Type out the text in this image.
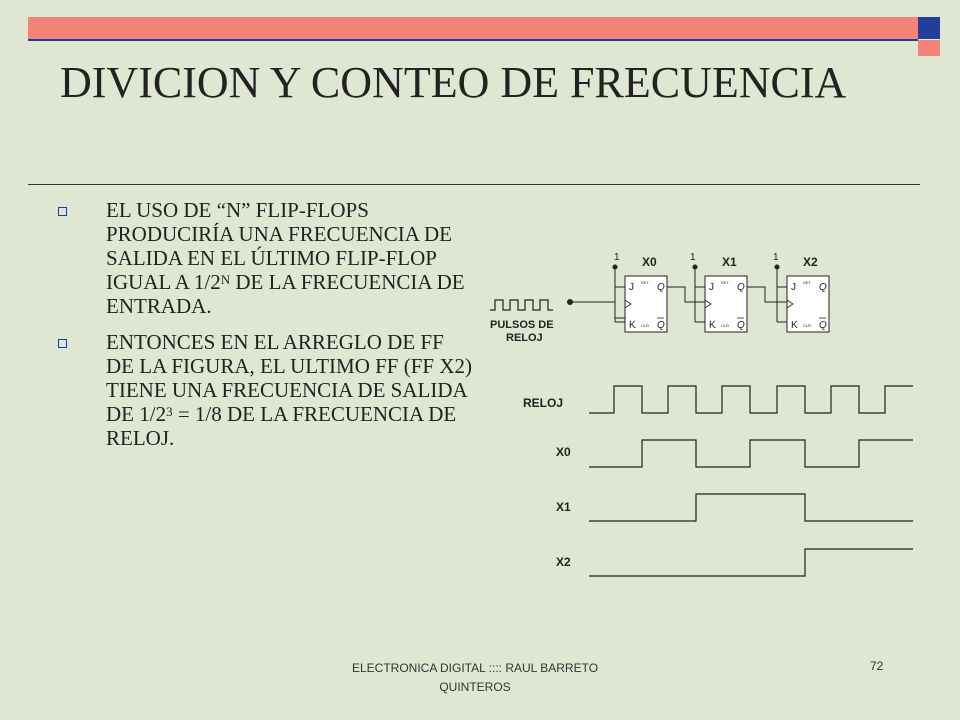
DIVICION Y CONTEO DE FRECUENCIA
EL USO DE “N” FLIP-FLOPS PRODUCIRÍA UNA FRECUENCIA DE SALIDA EN EL ÚLTIMO FLIP-FLOP IGUAL A $1/2^N$ DE LA FRECUENCIA DE ENTRADA.
ENTONCES EN EL ARREGLO DE FF DE LA FIGURA, EL ULTIMO FF (FF X2) TIENE UNA FRECUENCIA DE SALIDA DE $1/2^3 = 1/8$ DE LA FRECUENCIA DE RELOJ.
PULSOS DE
RELOJ
X0
1
J SET Q
K CLR Q
X1
1
J SET Q
K CLR Q
X2
1
J SET Q
K CLR Q
RELOJ
X0
X1
X2
ELECTRONICA DIGITAL :::: RAUL BARRETO QUINTEROS
72
